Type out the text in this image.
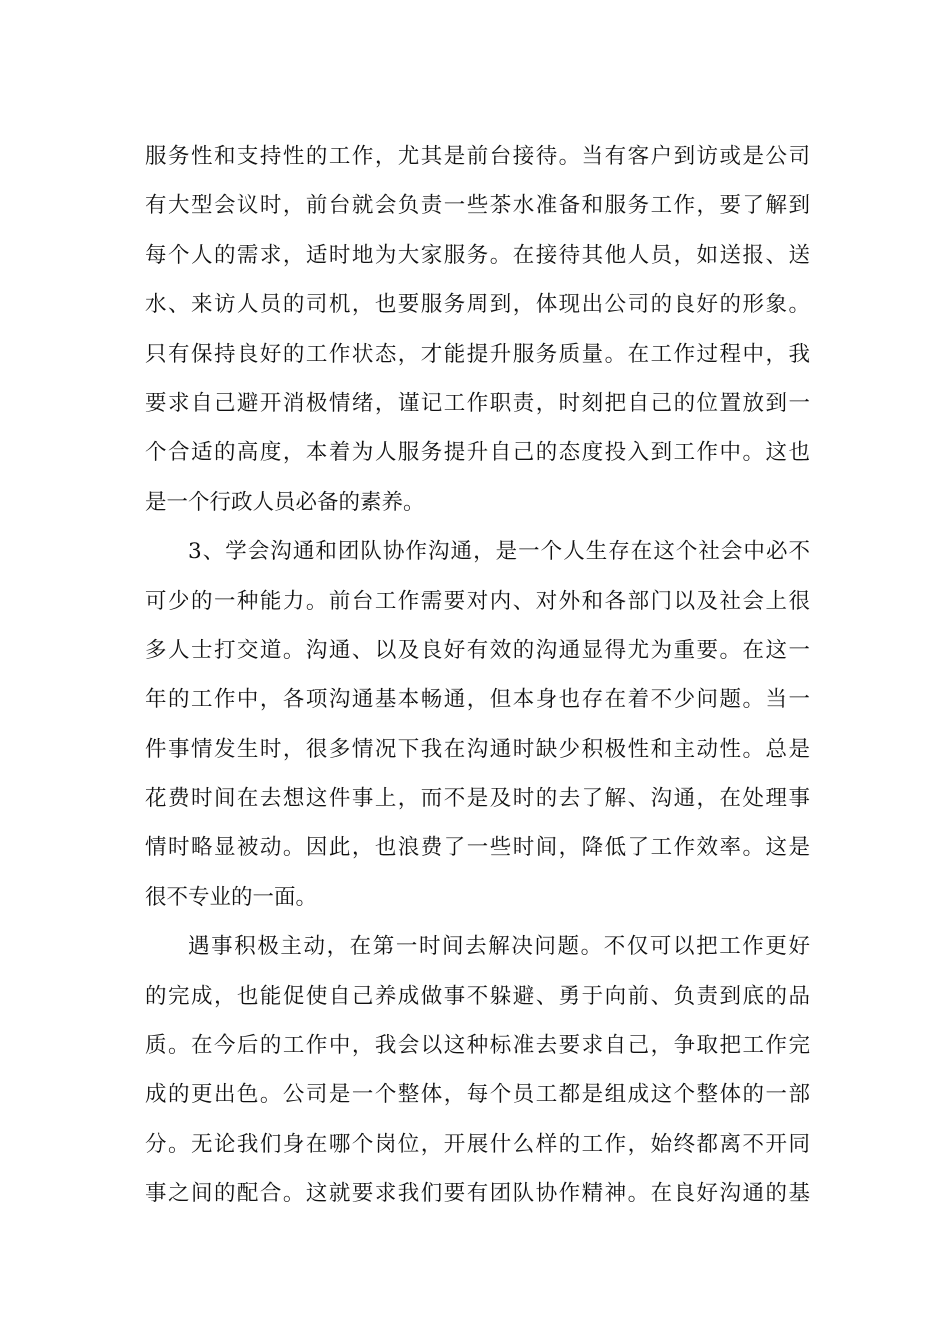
服务性和支持性的工作，尤其是前台接待。当有客户到访或是公司
有大型会议时，前台就会负责一些茶水准备和服务工作，要了解到
每个人的需求，适时地为大家服务。在接待其他人员，如送报、送
水、来访人员的司机，也要服务周到，体现出公司的良好的形象。
只有保持良好的工作状态，才能提升服务质量。在工作过程中，我
要求自己避开消极情绪，谨记工作职责，时刻把自己的位置放到一
个合适的高度，本着为人服务提升自己的态度投入到工作中。这也
是一个行政人员必备的素养。
3、学会沟通和团队协作沟通，是一个人生存在这个社会中必不
可少的一种能力。前台工作需要对内、对外和各部门以及社会上很
多人士打交道。沟通、以及良好有效的沟通显得尤为重要。在这一
年的工作中，各项沟通基本畅通，但本身也存在着不少问题。当一
件事情发生时，很多情况下我在沟通时缺少积极性和主动性。总是
花费时间在去想这件事上，而不是及时的去了解、沟通，在处理事
情时略显被动。因此，也浪费了一些时间，降低了工作效率。这是
很不专业的一面。
遇事积极主动，在第一时间去解决问题。不仅可以把工作更好
的完成，也能促使自己养成做事不躲避、勇于向前、负责到底的品
质。在今后的工作中，我会以这种标准去要求自己，争取把工作完
成的更出色。公司是一个整体，每个员工都是组成这个整体的一部
分。无论我们身在哪个岗位，开展什么样的工作，始终都离不开同
事之间的配合。这就要求我们要有团队协作精神。在良好沟通的基
